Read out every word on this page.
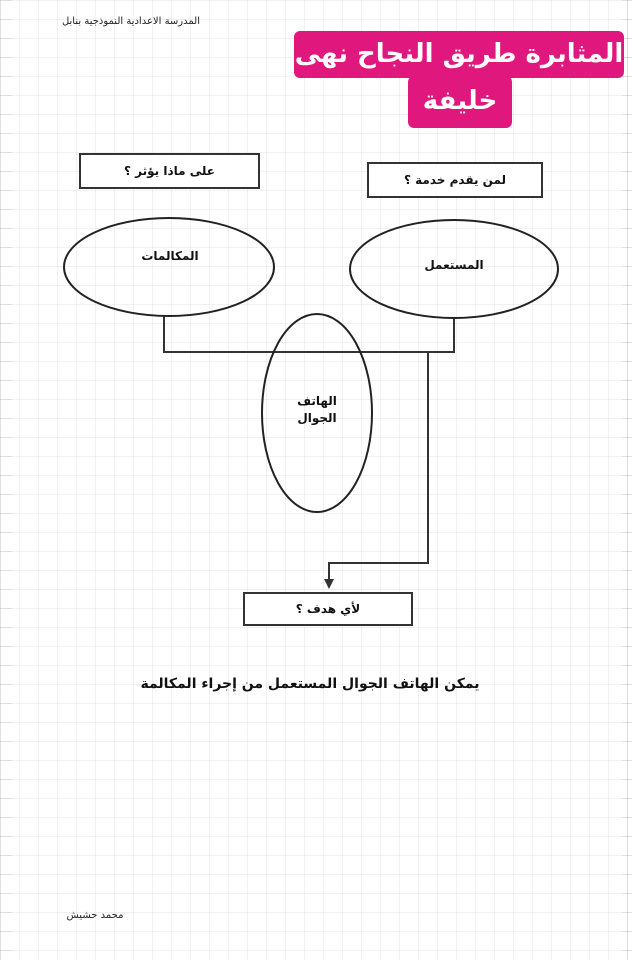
المدرسة الاعدادية النموذجية بنابل
المثابرة طريق النجاح نهى
خليفة
على ماذا يؤثر ؟
لمن يقدم خدمة ؟
لأي هدف ؟
المكالمات
المستعمل
الهاتف
الجوال
يمكن الهاتف الجوال المستعمل من إجراء المكالمة
محمد حشيش
